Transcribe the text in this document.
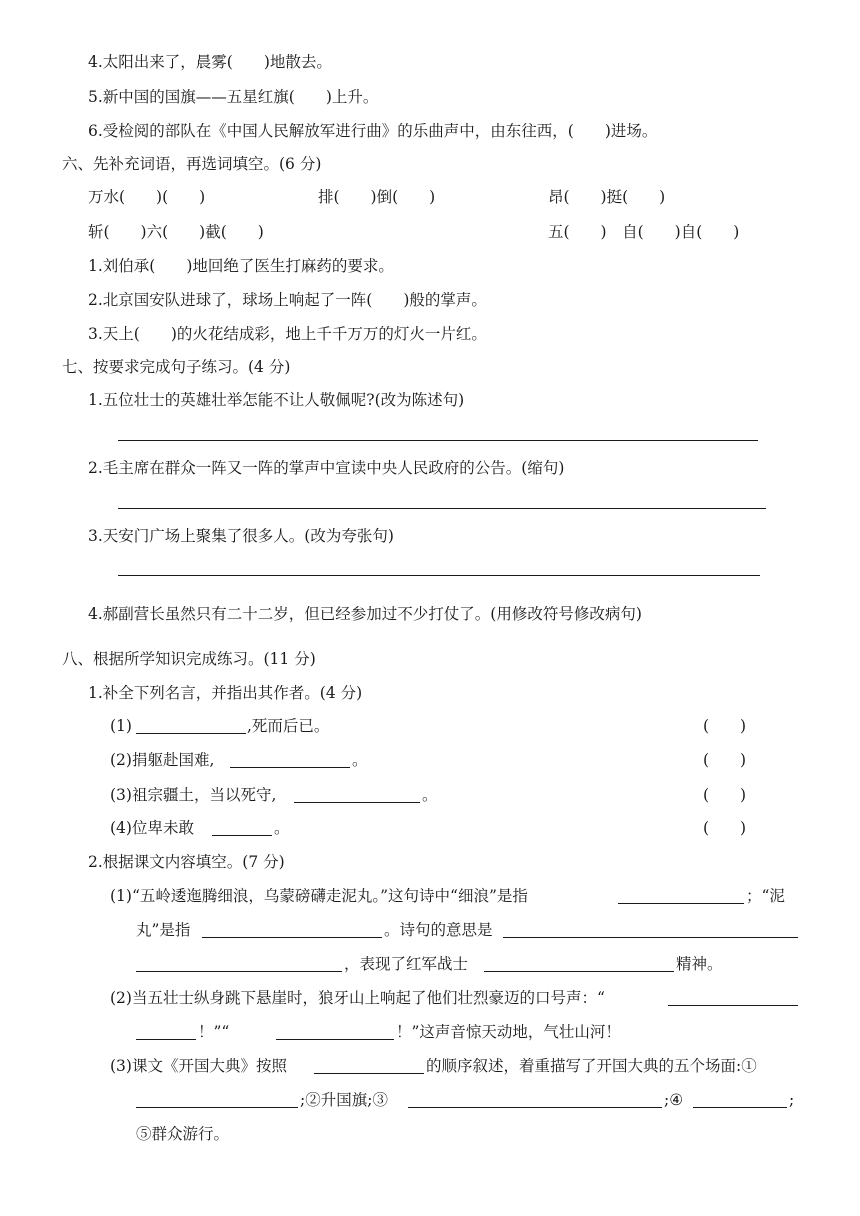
4.太阳出来了，晨雾(　　)地散去。
5.新中国的国旗——五星红旗(　　)上升。
6.受检阅的部队在《中国人民解放军进行曲》的乐曲声中，由东往西，(　　)进场。
六、先补充词语，再选词填空。(6 分)
万水(　　)(　　)	排(　　)倒(　　)	昂(　　)挺(　　)
斩(　　)六(　　)截(　　)	五(　　)　自(　　)自(　　)
1.刘伯承(　　)地回绝了医生打麻药的要求。
2.北京国安队进球了，球场上响起了一阵(　　)般的掌声。
3.天上(　　)的火花结成彩，地上千千万万的灯火一片红。
七、按要求完成句子练习。(4 分)
1.五位壮士的英雄壮举怎能不让人敬佩呢?(改为陈述句)
2.毛主席在群众一阵又一阵的掌声中宣读中央人民政府的公告。(缩句)
3.天安门广场上聚集了很多人。(改为夸张句)
4.郝副营长虽然只有二十二岁，但已经参加过不少打仗了。(用修改符号修改病句)
八、根据所学知识完成练习。(11 分)
1.补全下列名言，并指出其作者。(4 分)
(1)	,死而后已。	(　　)
(2)捐躯赴国难,	。	(　　)
(3)祖宗疆土，当以死守,	。	(　　)
(4)位卑未敢	。	(　　)
2.根据课文内容填空。(7 分)
(1)“五岭逶迤腾细浪，乌蒙磅礴走泥丸。”这句诗中“细浪”是指	；“泥
丸”是指	。诗句的意思是
，表现了红军战士	精神。
(2)当五壮士纵身跳下悬崖时，狼牙山上响起了他们壮烈豪迈的口号声：“
！”“	！”这声音惊天动地，气壮山河！
(3)课文《开国大典》按照	的顺序叙述，着重描写了开国大典的五个场面:①
;②升国旗;③	;④	;
⑤群众游行。
